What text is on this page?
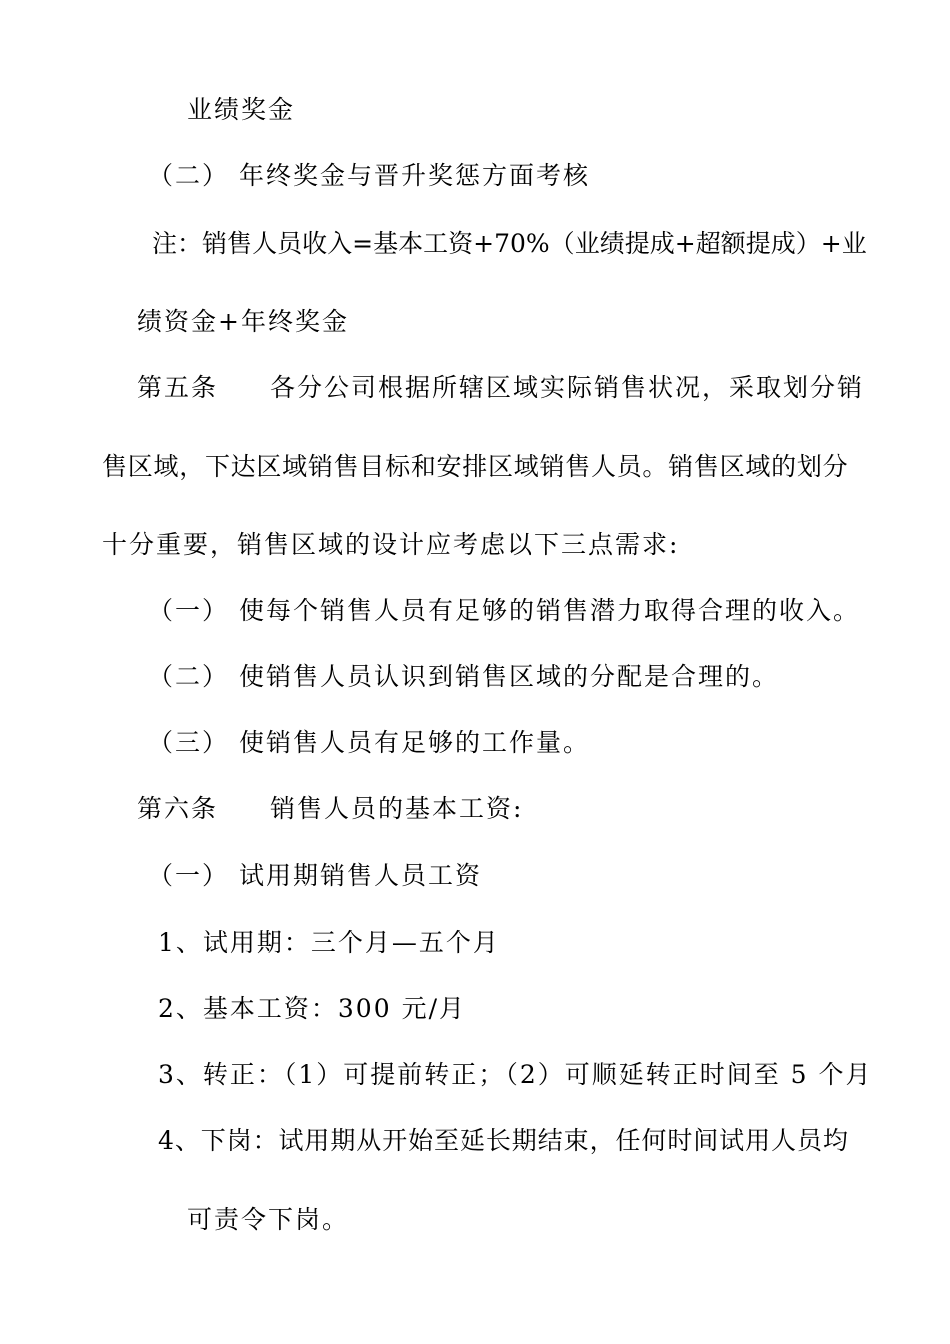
业绩奖金
（二） 年终奖金与晋升奖惩方面考核
注 ： 销 售 人 员 收 入 = 基 本 工 资 + 7 0 % （ 业 绩 提 成 + 超 额 提 成 ） + 业
绩资金+年终奖金
第五条 各分公司根据所辖区域实际销售状况，采取划分销
售 区 域 ， 下 达 区 域 销 售 目 标 和 安 排 区 域 销 售 人 员 。 销 售 区 域 的 划 分
十分重要，销售区域的设计应考虑以下三点需求:
（一） 使每个销售人员有足够的销售潜力取得合理的收入。
（二） 使销售人员认识到销售区域的分配是合理的。
（三） 使销售人员有足够的工作量。
第六条 销售人员的基本工资:
（一） 试用期销售人员工资
1、试用期：三个月—五个月
2、基本工资：300 元/月
3、转正：（1）可提前转正；（2）可顺延转正时间至 5 个月
4 、 下 岗 ： 试 用 期 从 开 始 至 延 长 期 结 束 ， 任 何 时 间 试 用 人 员 均
可责令下岗。
